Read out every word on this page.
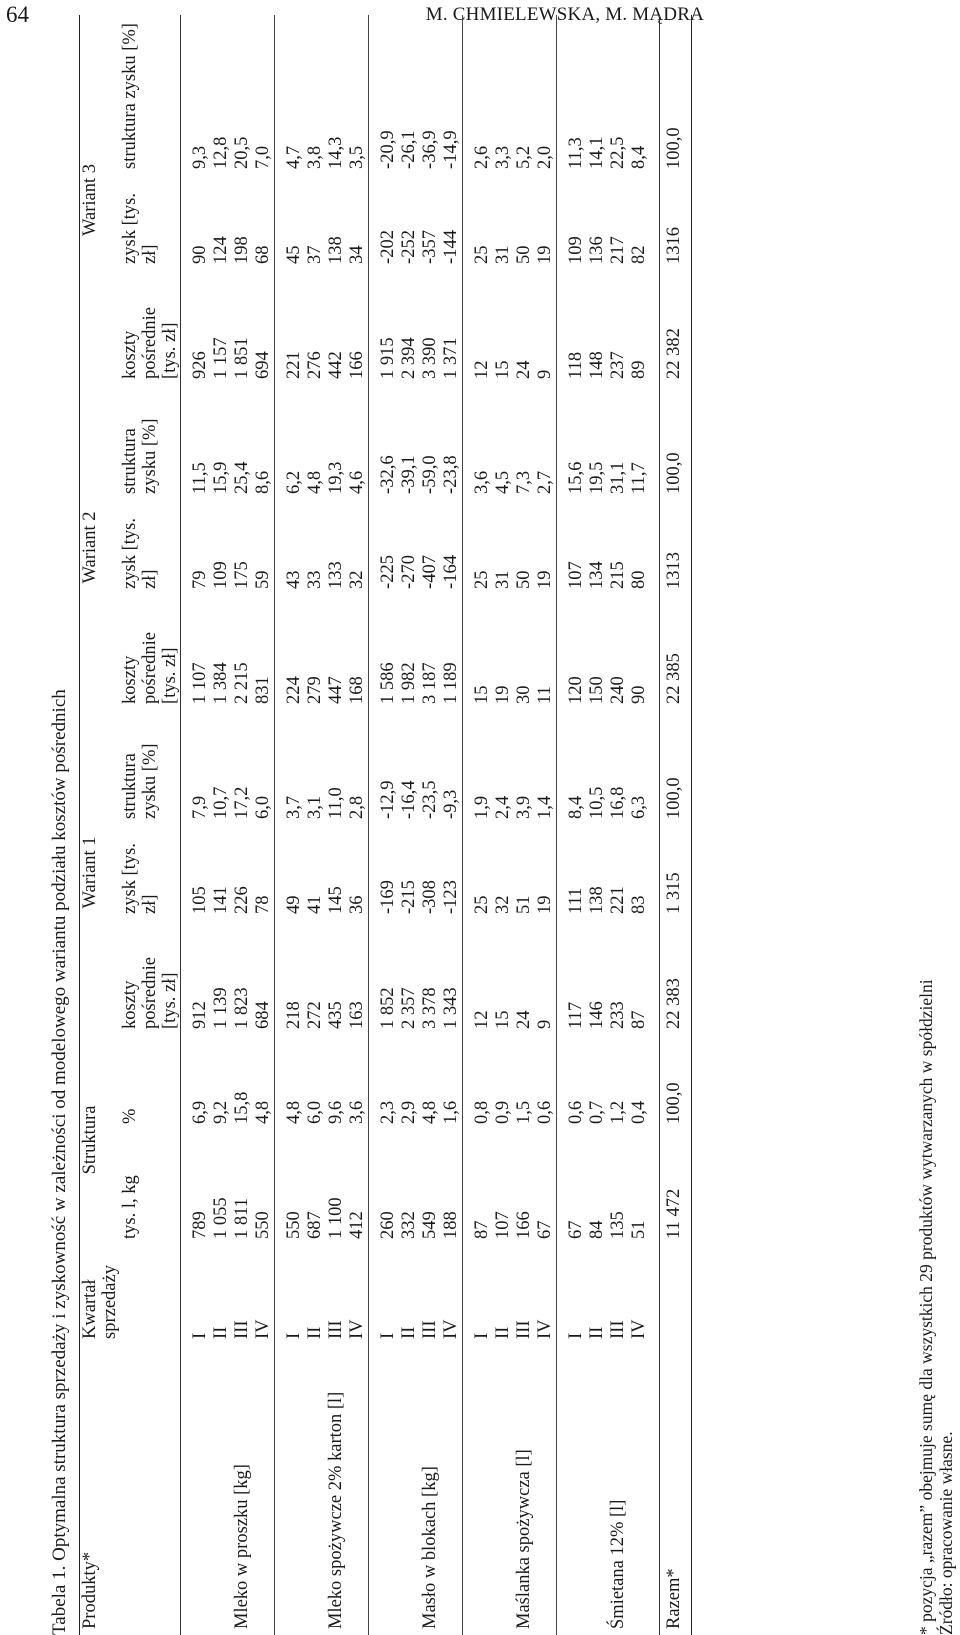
64	M. CHMIELEWSKA, M. MĄDRA
Tabela 1. Optymalna struktura sprzedaży i zyskowność w zależności od modelowego wariantu podziału kosztów pośrednich Produkty*	Kwartał sprzedaży	Struktura		Wariant 1			Wariant 2			Wariant 3		
		tys. l, kg	%	koszty pośrednie [tys. zł]	zysk [tys. zł]	struktura zysku [%]	koszty pośrednie [tys. zł]	zysk [tys. zł]	struktura zysku [%]	koszty pośrednie [tys. zł]	zysk [tys. zł]	struktura zysku [%]

	I	789	6,9	912	105	7,9	1 107	79	11,5	926	90	9,3
	II	1 055	9,2	1 139	141	10,7	1 384	109	15,9	1 157	124	12,8
Mleko w proszku [kg]	III	1 811	15,8	1 823	226	17,2	2 215	175	25,4	1 851	198	20,5
	IV	550	4,8	684	78	6,0	831	59	8,6	694	68	7,0

	I	550	4,8	218	49	3,7	224	43	6,2	221	45	4,7
	II	687	6,0	272	41	3,1	279	33	4,8	276	37	3,8
Mleko spożywcze 2% karton [l]	III	1 100	9,6	435	145	11,0	447	133	19,3	442	138	14,3
	IV	412	3,6	163	36	2,8	168	32	4,6	166	34	3,5

	I	260	2,3	1 852	-169	-12,9	1 586	-225	-32,6	1 915	-202	-20,9
	II	332	2,9	2 357	-215	-16,4	1 982	-270	-39,1	2 394	-252	-26,1
Masło w blokach [kg]	III	549	4,8	3 378	-308	-23,5	3 187	-407	-59,0	3 390	-357	-36,9
	IV	188	1,6	1 343	-123	-9,3	1 189	-164	-23,8	1 371	-144	-14,9

	I	87	0,8	12	25	1,9	15	25	3,6	12	25	2,6
	II	107	0,9	15	32	2,4	19	31	4,5	15	31	3,3
Maślanka spożywcza [l]	III	166	1,5	24	51	3,9	30	50	7,3	24	50	5,2
	IV	67	0,6	9	19	1,4	11	19	2,7	9	19	2,0

	I	67	0,6	117	111	8,4	120	107	15,6	118	109	11,3
	II	84	0,7	146	138	10,5	150	134	19,5	148	136	14,1
Śmietana 12% [l]	III	135	1,2	233	221	16,8	240	215	31,1	237	217	22,5
	IV	51	0,4	87	83	6,3	90	80	11,7	89	82	8,4

Razem*		11 472	100,0	22 383	1 315	100,0	22 385	1313	100,0	22 382	1316	100,0
* pozycja „razem” obejmuje sumę dla wszystkich 29 produktów wytwarzanych w spółdzielni Źródło: opracowanie własne.
